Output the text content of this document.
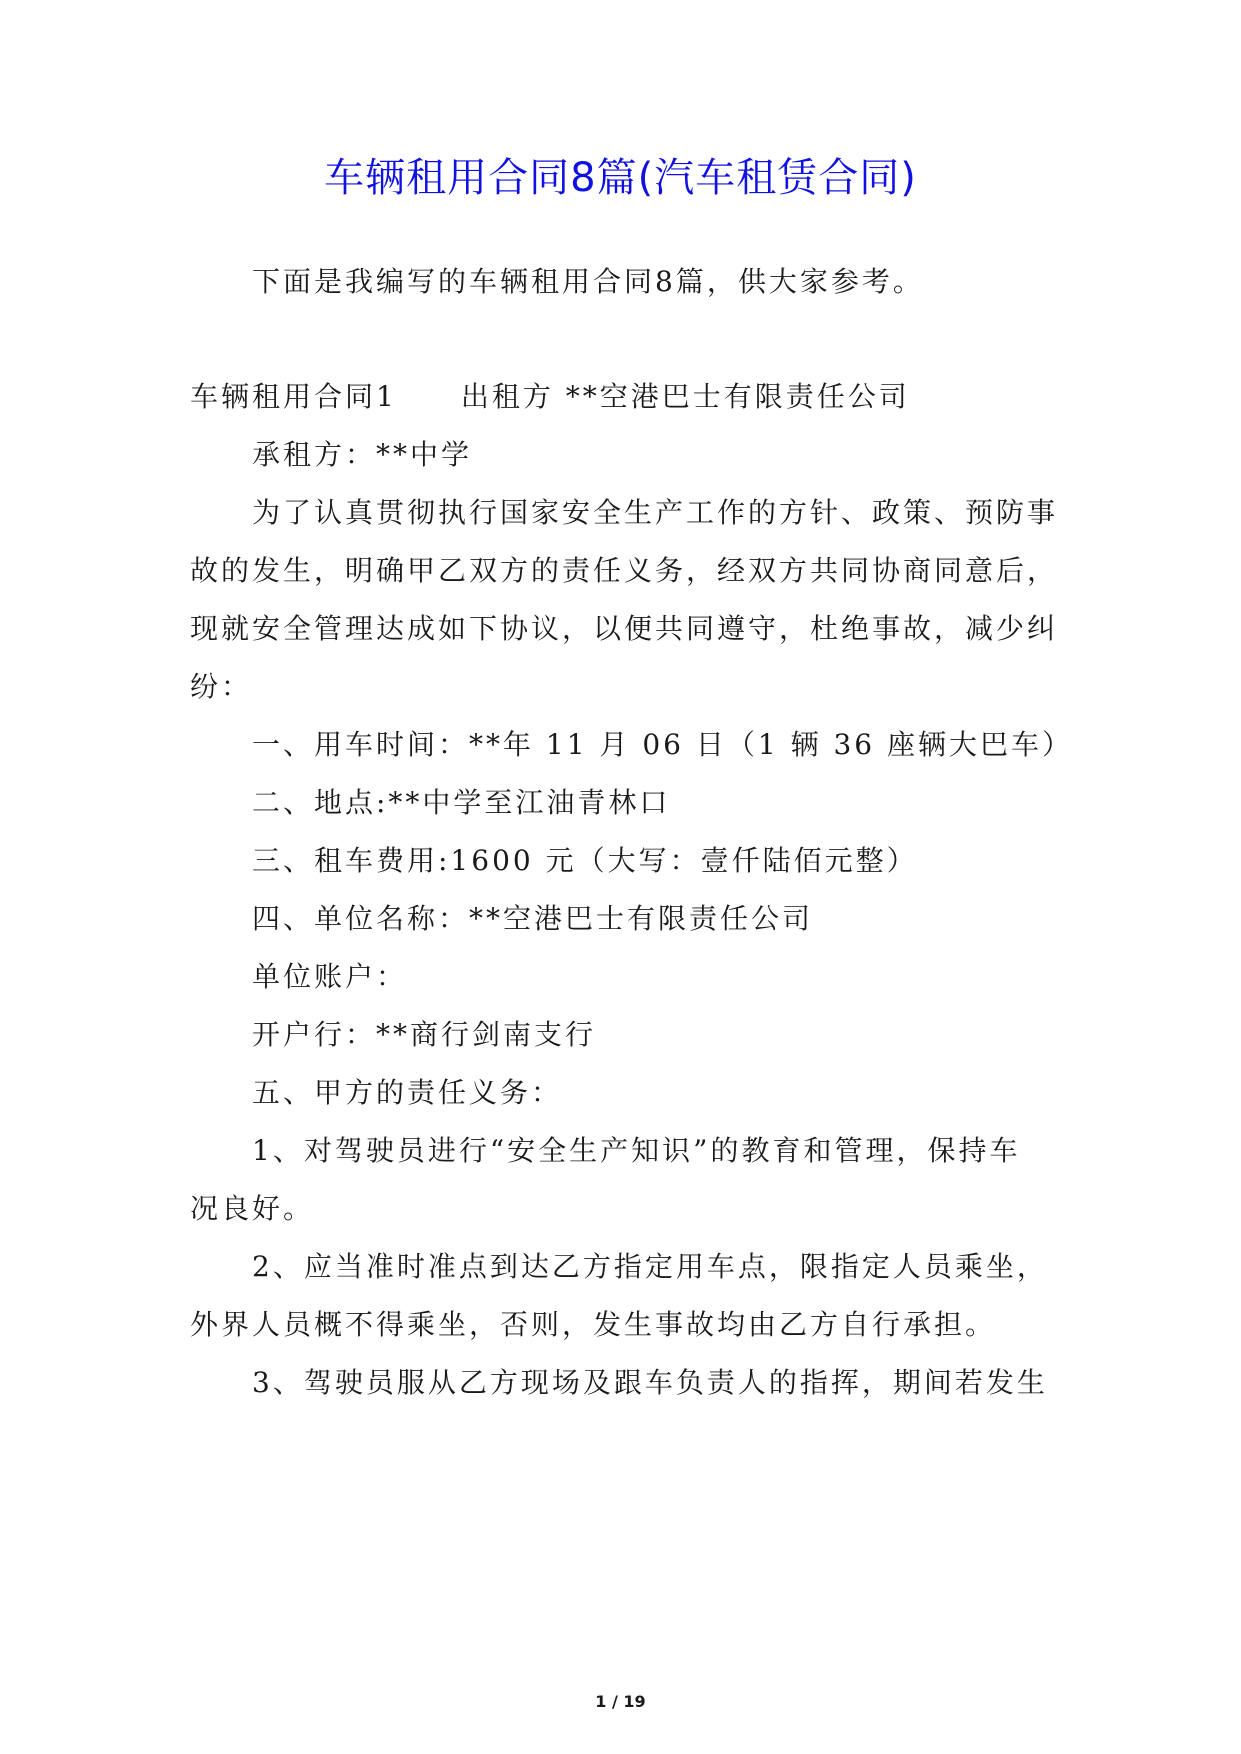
车辆租用合同8篇(汽车租赁合同)

下面是我编写的车辆租用合同8篇，供大家参考。

车辆租用合同1 出租方 **空港巴士有限责任公司

承租方：**中学

为了认真贯彻执行国家安全生产工作的方针、政策、预防事

故的发生，明确甲乙双方的责任义务，经双方共同协商同意后，

现就安全管理达成如下协议，以便共同遵守，杜绝事故，减少纠

纷：

一、用车时间：**年 11 月 06 日（1 辆 36 座辆大巴车）

二、地点:**中学至江油青林口

三、租车费用:1600 元（大写：壹仟陆佰元整）

四、单位名称：**空港巴士有限责任公司

单位账户：

开户行：**商行剑南支行

五、甲方的责任义务：

1、对驾驶员进行“安全生产知识”的教育和管理，保持车

况良好。

2、应当准时准点到达乙方指定用车点，限指定人员乘坐，

外界人员概不得乘坐，否则，发生事故均由乙方自行承担。

3、驾驶员服从乙方现场及跟车负责人的指挥，期间若发生

1 / 19
